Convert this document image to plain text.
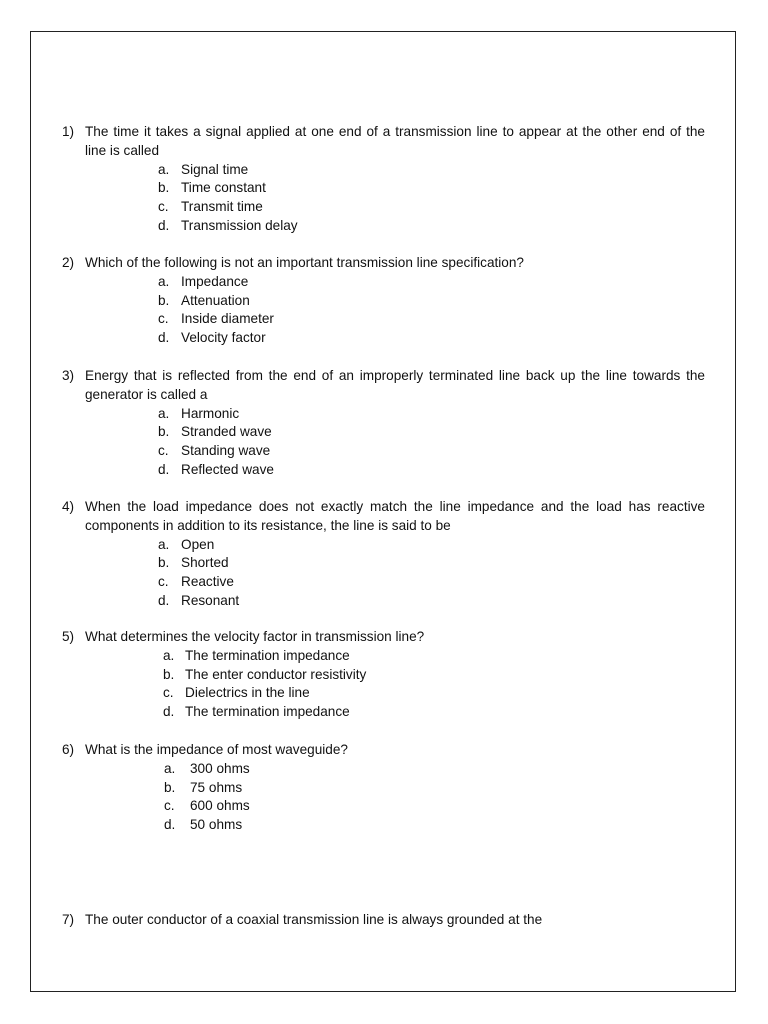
1) The time it takes a signal applied at one end of a transmission line to appear at the other end of the line is called
a. Signal time
b. Time constant
c. Transmit time
d. Transmission delay
2) Which of the following is not an important transmission line specification?
a. Impedance
b. Attenuation
c. Inside diameter
d. Velocity factor
3) Energy that is reflected from the end of an improperly terminated line back up the line towards the generator is called a
a. Harmonic
b. Stranded wave
c. Standing wave
d. Reflected wave
4) When the load impedance does not exactly match the line impedance and the load has reactive components in addition to its resistance, the line is said to be
a. Open
b. Shorted
c. Reactive
d. Resonant
5) What determines the velocity factor in transmission line?
a. The termination impedance
b. The enter conductor resistivity
c. Dielectrics in the line
d. The termination impedance
6) What is the impedance of most waveguide?
a. 300 ohms
b. 75 ohms
c. 600 ohms
d. 50 ohms
7) The outer conductor of a coaxial transmission line is always grounded at the
